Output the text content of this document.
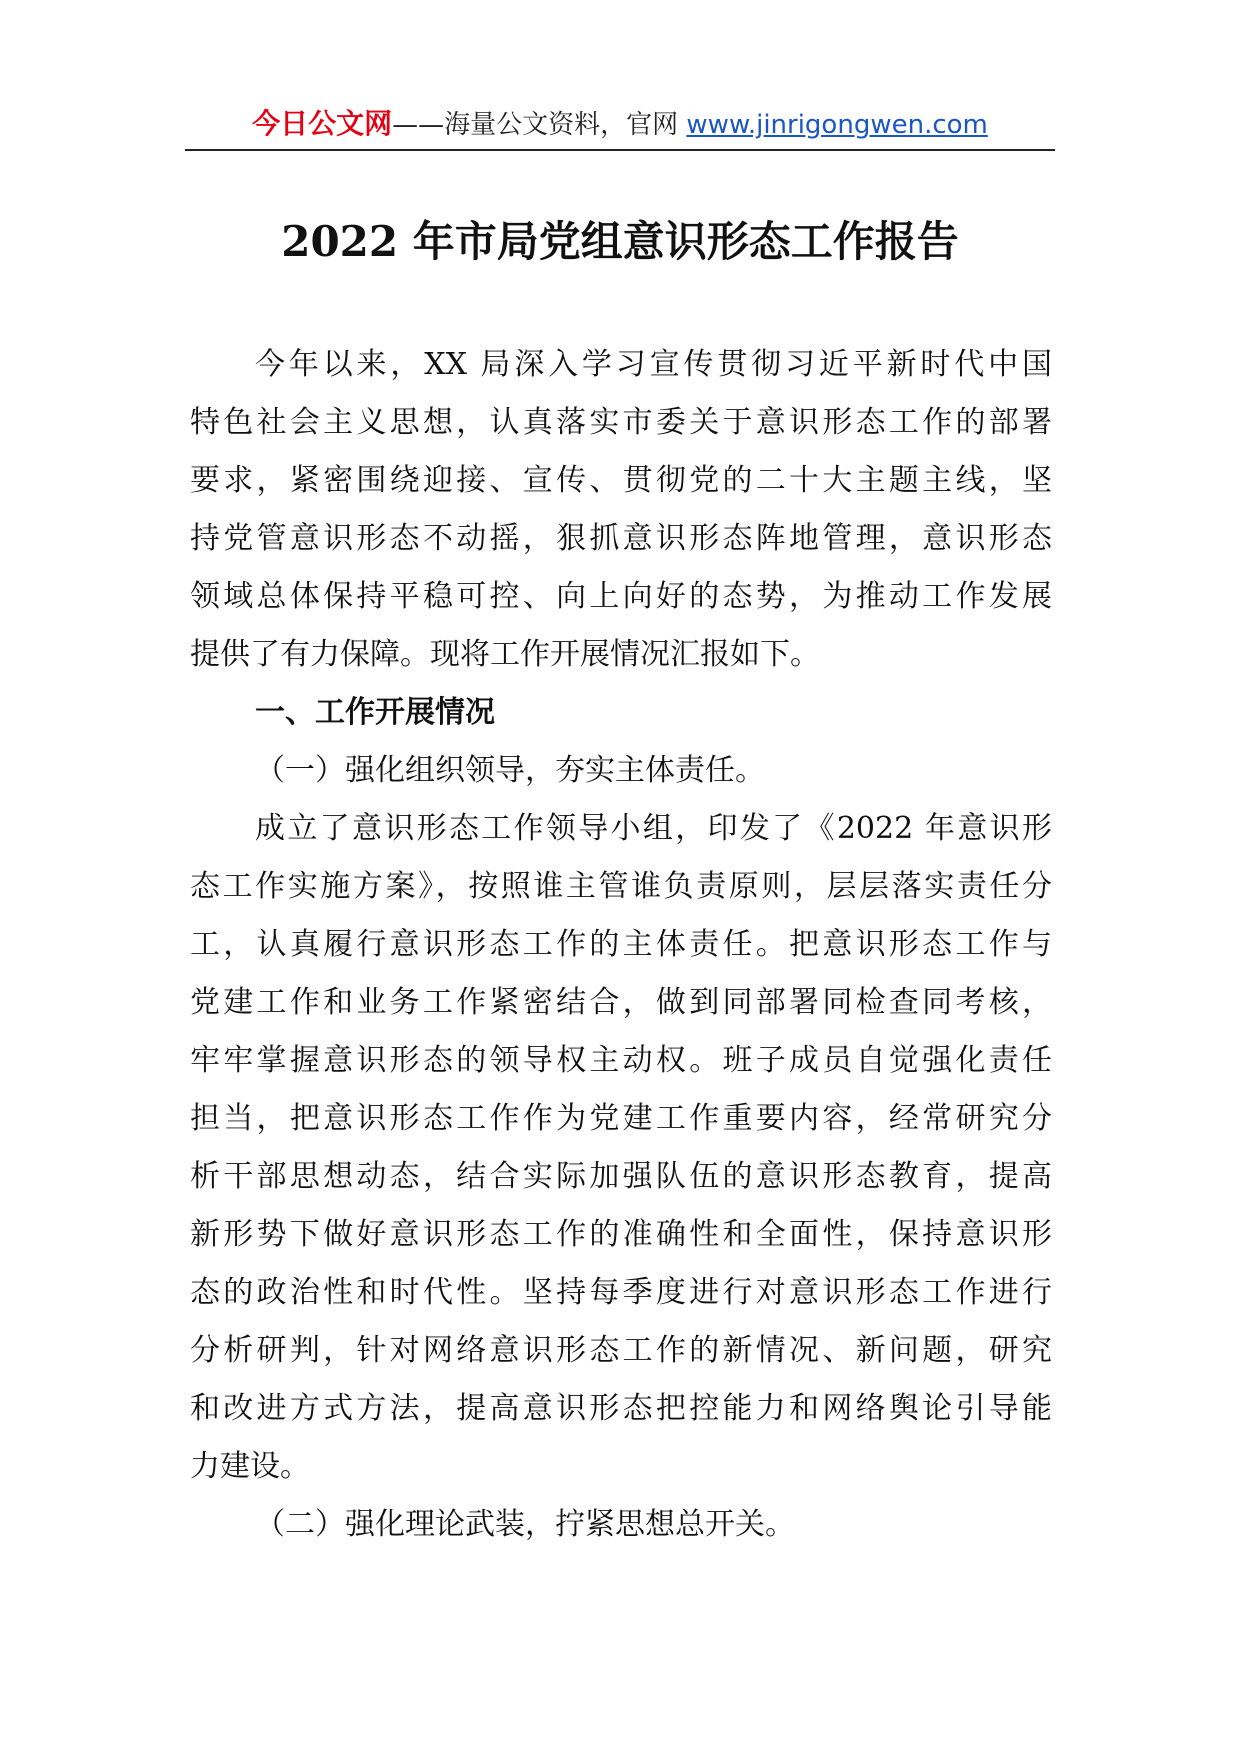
今日公文网——海量公文资料，官网 www.jinrigongwen.com
2022 年市局党组意识形态工作报告
今年以来，XX 局深入学习宣传贯彻习近平新时代中国
特色社会主义思想，认真落实市委关于意识形态工作的部署
要求，紧密围绕迎接、宣传、贯彻党的二十大主题主线，坚
持党管意识形态不动摇，狠抓意识形态阵地管理，意识形态
领域总体保持平稳可控、向上向好的态势，为推动工作发展
提供了有力保障。现将工作开展情况汇报如下。
一、工作开展情况
（一）强化组织领导，夯实主体责任。
成立了意识形态工作领导小组，印发了《2022 年意识形
态工作实施方案》，按照谁主管谁负责原则，层层落实责任分
工，认真履行意识形态工作的主体责任。把意识形态工作与
党建工作和业务工作紧密结合，做到同部署同检查同考核，
牢牢掌握意识形态的领导权主动权。班子成员自觉强化责任
担当，把意识形态工作作为党建工作重要内容，经常研究分
析干部思想动态，结合实际加强队伍的意识形态教育，提高
新形势下做好意识形态工作的准确性和全面性，保持意识形
态的政治性和时代性。坚持每季度进行对意识形态工作进行
分析研判，针对网络意识形态工作的新情况、新问题，研究
和改进方式方法，提高意识形态把控能力和网络舆论引导能
力建设。
（二）强化理论武装，拧紧思想总开关。
